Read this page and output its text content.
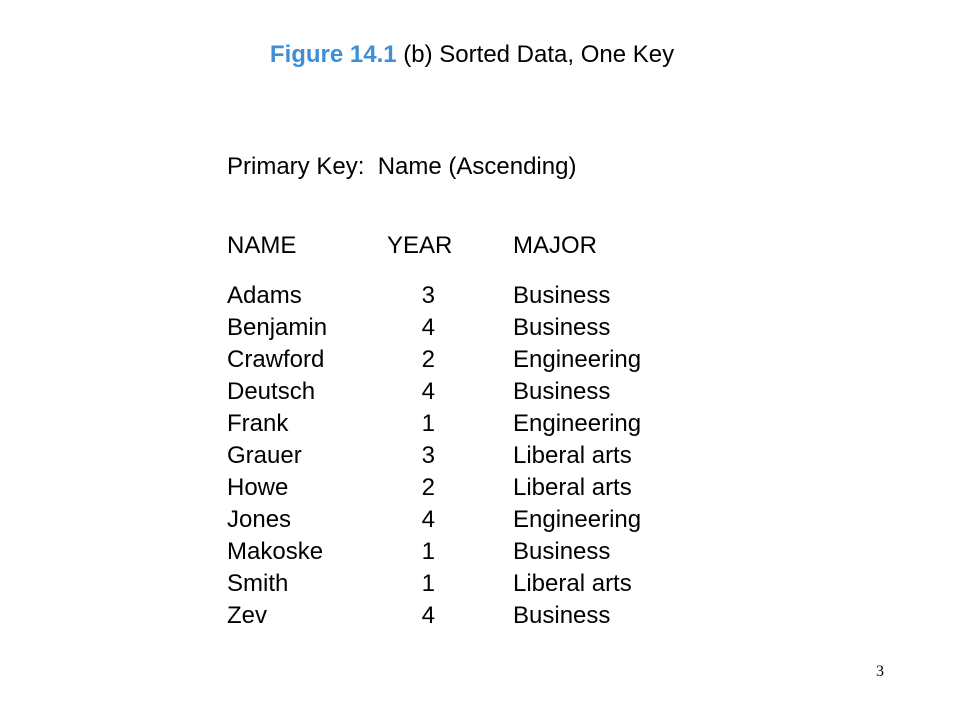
Figure 14.1 (b) Sorted Data, One Key
Primary Key:  Name (Ascending)
NAME	YEAR	MAJOR
Adams	3	Business
Benjamin	4	Business
Crawford	2	Engineering
Deutsch	4	Business
Frank	1	Engineering
Grauer	3	Liberal arts
Howe	2	Liberal arts
Jones	4	Engineering
Makoske	1	Business
Smith	1	Liberal arts
Zev	4	Business
3
